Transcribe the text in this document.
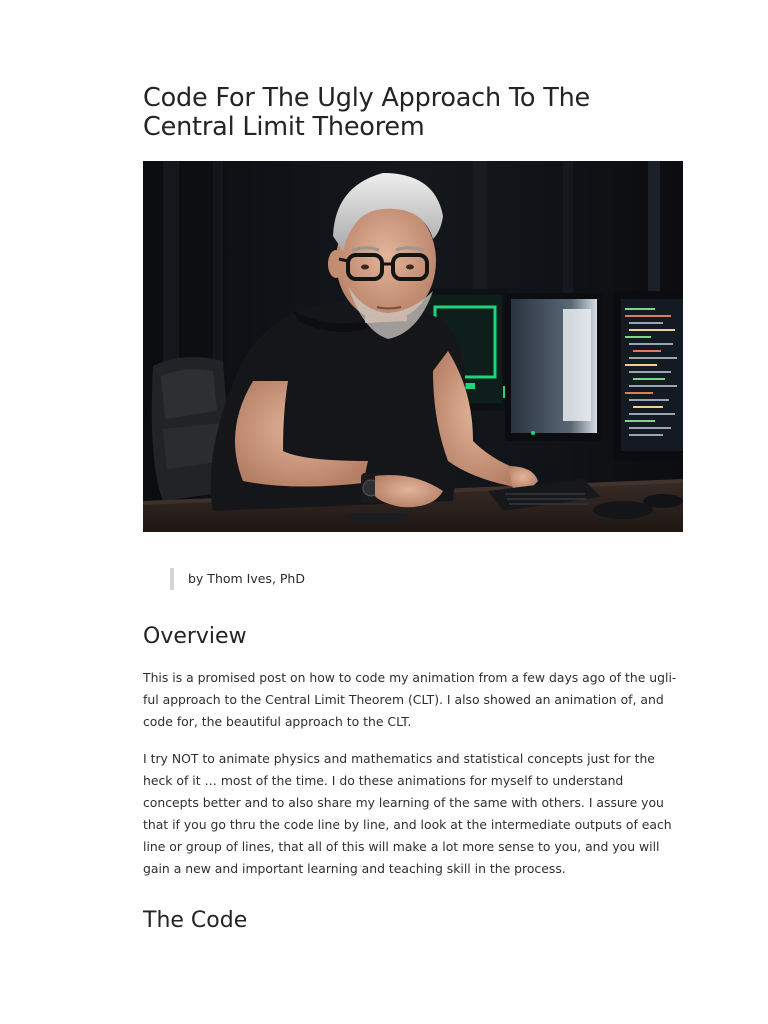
Code For The Ugly Approach To The Central Limit Theorem
by Thom Ives, PhD
Overview

This is a promised post on how to code my animation from a few days ago of the ugli-ful approach to the Central Limit Theorem (CLT). I also showed an animation of, and code for, the beautiful approach to the CLT.

I try NOT to animate physics and mathematics and statistical concepts just for the heck of it … most of the time. I do these animations for myself to understand concepts better and to also share my learning of the same with others. I assure you that if you go thru the code line by line, and look at the intermediate outputs of each line or group of lines, that all of this will make a lot more sense to you, and you will gain a new and important learning and teaching skill in the process.

The Code
